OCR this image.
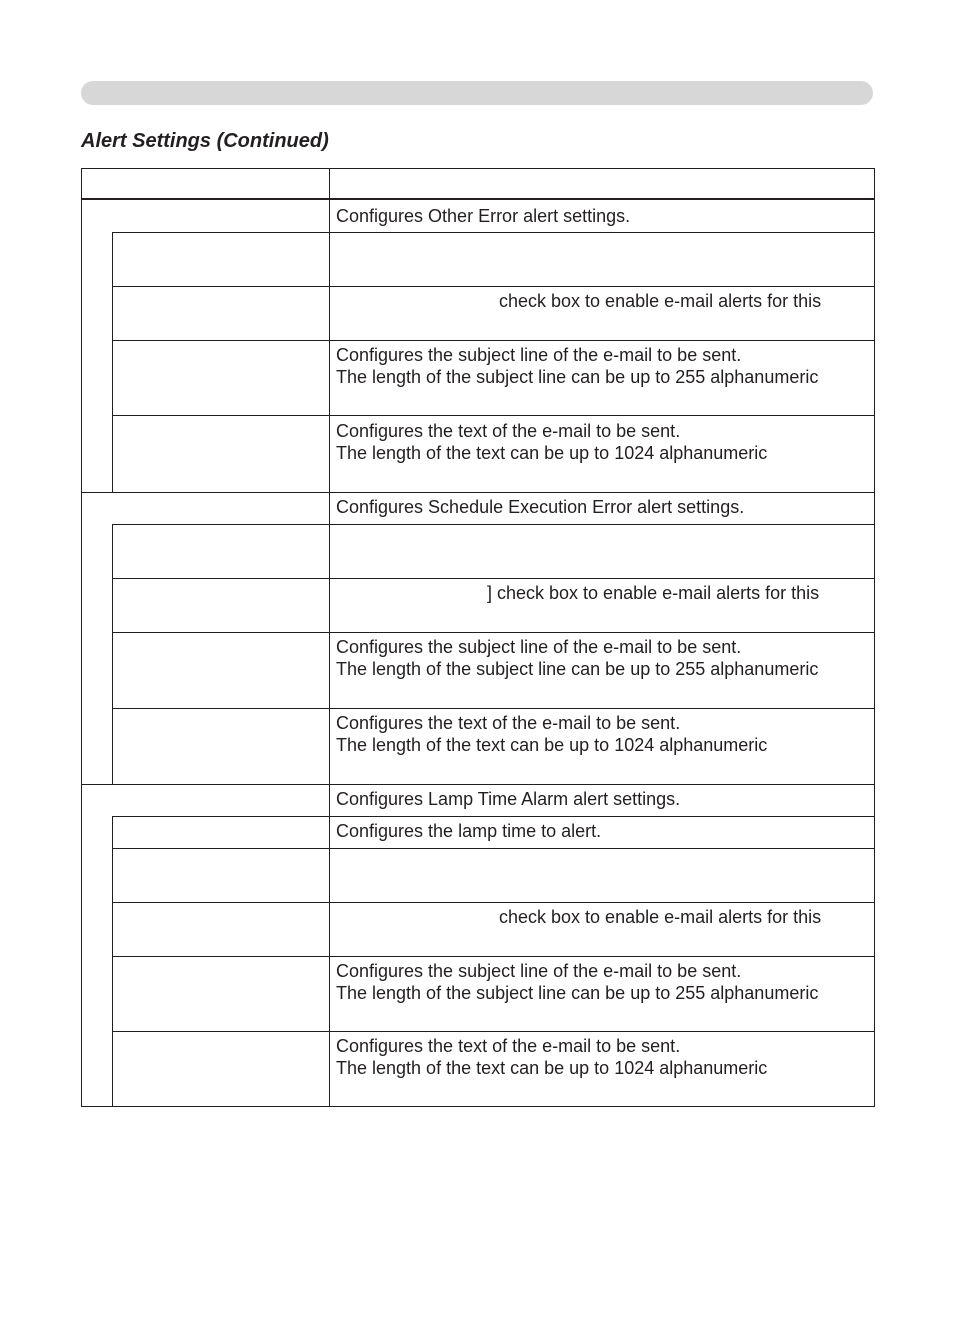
Alert Settings (Continued)
Configures Other Error alert settings.
check box to enable e-mail alerts for this
Configures the subject line of the e-mail to be sent.
The length of the subject line can be up to 255 alphanumeric
Configures the text of the e-mail to be sent.
The length of the text can be up to 1024 alphanumeric
Configures Schedule Execution Error alert settings.
] check box to enable e-mail alerts for this
Configures the subject line of the e-mail to be sent.
The length of the subject line can be up to 255 alphanumeric
Configures the text of the e-mail to be sent.
The length of the text can be up to 1024 alphanumeric
Configures Lamp Time Alarm alert settings.
Configures the lamp time to alert.
check box to enable e-mail alerts for this
Configures the subject line of the e-mail to be sent.
The length of the subject line can be up to 255 alphanumeric
Configures the text of the e-mail to be sent.
The length of the text can be up to 1024 alphanumeric
